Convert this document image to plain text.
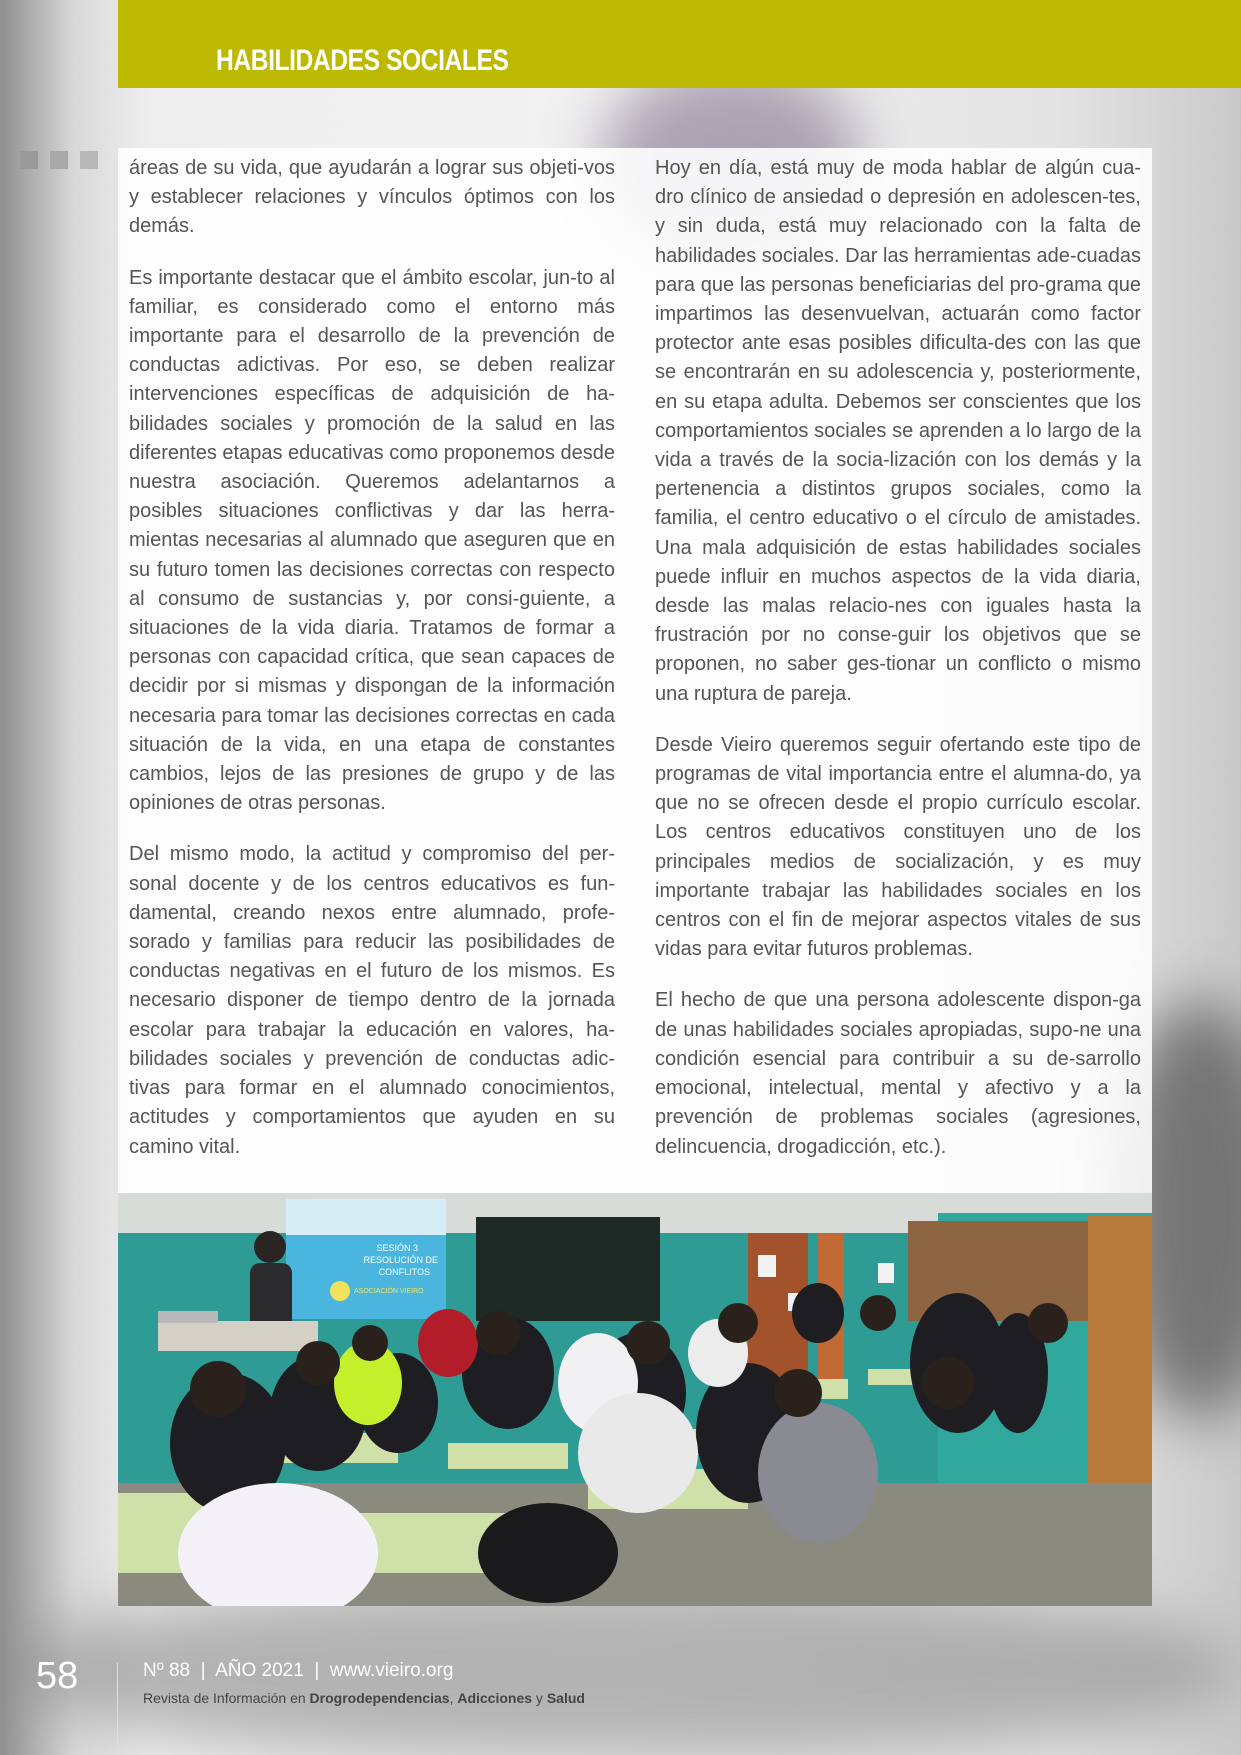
HABILIDADES SOCIALES

áreas de su vida, que ayudarán a lograr sus objeti-vos y establecer relaciones y vínculos óptimos con los demás.

Es importante destacar que el ámbito escolar, jun-to al familiar, es considerado como el entorno más importante para el desarrollo de la prevención de conductas adictivas. Por eso, se deben realizar intervenciones específicas de adquisición de ha-bilidades sociales y promoción de la salud en las diferentes etapas educativas como proponemos desde nuestra asociación. Queremos adelantarnos a posibles situaciones conflictivas y dar las herra-mientas necesarias al alumnado que aseguren que en su futuro tomen las decisiones correctas con respecto al consumo de sustancias y, por consi-guiente, a situaciones de la vida diaria. Tratamos de formar a personas con capacidad crítica, que sean capaces de decidir por si mismas y dispongan de la información necesaria para tomar las decisiones correctas en cada situación de la vida, en una etapa de constantes cambios, lejos de las presiones de grupo y de las opiniones de otras personas.

Del mismo modo, la actitud y compromiso del per-sonal docente y de los centros educativos es fun-damental, creando nexos entre alumnado, profe-sorado y familias para reducir las posibilidades de conductas negativas en el futuro de los mismos. Es necesario disponer de tiempo dentro de la jornada escolar para trabajar la educación en valores, ha-bilidades sociales y prevención de conductas adic-tivas para formar en el alumnado conocimientos, actitudes y comportamientos que ayuden en su camino vital.

Hoy en día, está muy de moda hablar de algún cua-dro clínico de ansiedad o depresión en adolescen-tes, y sin duda, está muy relacionado con la falta de habilidades sociales. Dar las herramientas ade-cuadas para que las personas beneficiarias del pro-grama que impartimos las desenvuelvan, actuarán como factor protector ante esas posibles dificulta-des con las que se encontrarán en su adolescencia y, posteriormente, en su etapa adulta. Debemos ser conscientes que los comportamientos sociales se aprenden a lo largo de la vida a través de la socia-lización con los demás y la pertenencia a distintos grupos sociales, como la familia, el centro educativo o el círculo de amistades. Una mala adquisición de estas habilidades sociales puede influir en muchos aspectos de la vida diaria, desde las malas relacio-nes con iguales hasta la frustración por no conse-guir los objetivos que se proponen, no saber ges-tionar un conflicto o mismo una ruptura de pareja.

Desde Vieiro queremos seguir ofertando este tipo de programas de vital importancia entre el alumna-do, ya que no se ofrecen desde el propio currículo escolar. Los centros educativos constituyen uno de los principales medios de socialización, y es muy importante trabajar las habilidades sociales en los centros con el fin de mejorar aspectos vitales de sus vidas para evitar futuros problemas.

El hecho de que una persona adolescente dispon-ga de unas habilidades sociales apropiadas, supo-ne una condición esencial para contribuir a su de-sarrollo emocional, intelectual, mental y afectivo y a la prevención de problemas sociales (agresiones, delincuencia, drogadicción, etc.).

SESIÓN 3
RESOLUCIÓN DE
CONFLITOS
ASOCIACIÓN VIEIRO
58	Nº 88  |  AÑO 2021  |  www.vieiro.org
Revista de Información en Drogrodependencias, Adicciones y Salud
